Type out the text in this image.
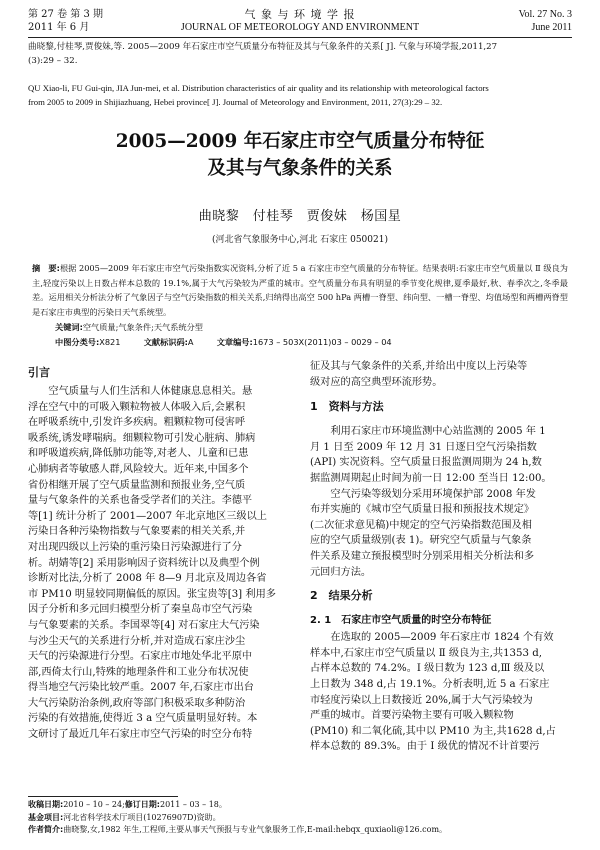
第 27 卷 第 3 期
2011 年 6 月
气 象 与 环 境 学 报
JOURNAL OF METEOROLOGY AND ENVIRONMENT
Vol. 27 No. 3
June 2011
曲晓黎,付桂琴,贾俊妹,等. 2005—2009 年石家庄市空气质量分布特征及其与气象条件的关系[ J]. 气象与环境学报,2011,27
(3):29 – 32.
QU Xiao-li, FU Gui-qin, JIA Jun-mei, et al. Distribution characteristics of air quality and its relationship with meteorological factors
from 2005 to 2009 in Shijiazhuang, Hebei province[ J]. Journal of Meteorology and Environment, 2011, 27(3):29 – 32.
2005—2009 年石家庄市空气质量分布特征
及其与气象条件的关系
曲晓黎　付桂琴　贾俊妹　杨国星
(河北省气象服务中心,河北 石家庄 050021)
摘　要:根据 2005—2009 年石家庄市空气污染指数实况资料,分析了近 5 a 石家庄市空气质量的分布特征。结果表明:石家庄市空气质量以 Ⅱ 级良为主,轻度污染以上日数占样本总数的 19.1%,属于大气污染较为严重的城市。空气质量分布具有明显的季节变化规律,夏季最好,秋、春季次之,冬季最差。运用相关分析法分析了气象因子与空气污染指数的相关关系,归纳得出高空 500 hPa 两槽一脊型、纬向型、一槽一脊型、均值场型和两槽两脊型是石家庄市典型的污染日天气系统型。
关键词:空气质量;气象条件;天气系统分型
中图分类号:X821	文献标识码:A	文章编号:1673 – 503X(2011)03 – 0029 – 04
引言
空气质量与人们生活和人体健康息息相关。悬
浮在空气中的可吸入颗粒物被人体吸入后,会累积
在呼吸系统中,引发许多疾病。粗颗粒物可侵害呼
吸系统,诱发哮喘病。细颗粒物可引发心脏病、肺病
和呼吸道疾病,降低肺功能等,对老人、儿童和已患
心肺病者等敏感人群,风险较大。近年来,中国多个
省份相继开展了空气质量监测和预报业务,空气质
量与气象条件的关系也备受学者们的关注。李德平
等[1] 统计分析了 2001—2007 年北京地区三级以上
污染日各种污染物指数与气象要素的相关关系,并
对出现四级以上污染的重污染日污染源进行了分
析。胡婧等[2] 采用影响因子资料统计以及典型个例
诊断对比法,分析了 2008 年 8—9 月北京及周边各省
市 PM10 明显较同期偏低的原因。张宝贵等[3] 利用多
因子分析和多元回归模型分析了秦皇岛市空气污染
与气象要素的关系。李国翠等[4] 对石家庄大气污染
与沙尘天气的关系进行分析,并对造成石家庄沙尘
天气的污染源进行分型。石家庄市地处华北平原中
部,西倚太行山,特殊的地理条件和工业分布状况使
得当地空气污染比较严重。2007 年,石家庄市出台
大气污染防治条例,政府等部门积极采取多种防治
污染的有效措施,使得近 3 a 空气质量明显好转。本
文研讨了最近几年石家庄市空气污染的时空分布特
征及其与气象条件的关系,并给出中度以上污染等
级对应的高空典型环流形势。
1　资料与方法
利用石家庄市环境监测中心站监测的 2005 年 1
月 1 日至 2009 年 12 月 31 日逐日空气污染指数
(API) 实况资料。空气质量日报监测周期为 24 h,数
据监测周期起止时间为前一日 12:00 至当日 12:00。
空气污染等级划分采用环境保护部 2008 年发
布并实施的《城市空气质量日报和预报技术规定》
(二次征求意见稿)中规定的空气污染指数范围及相
应的空气质量级别(表 1)。研究空气质量与气象条
件关系及建立预报模型时分别采用相关分析法和多
元回归方法。
2　结果分析
2. 1　石家庄市空气质量的时空分布特征
在选取的 2005—2009 年石家庄市 1824 个有效
样本中,石家庄市空气质量以 Ⅱ 级良为主,共1353 d,
占样本总数的 74.2%。Ⅰ 级日数为 123 d,Ⅲ 级及以
上日数为 348 d,占 19.1%。分析表明,近 5 a 石家庄
市轻度污染以上日数接近 20%,属于大气污染较为
严重的城市。首要污染物主要有可吸入颗粒物
(PM10) 和二氧化硫,其中以 PM10 为主,共1628 d,占
样本总数的 89.3%。由于 Ⅰ 级优的情况不计首要污
收稿日期:2010 – 10 – 24;修订日期:2011 – 03 – 18。
基金项目:河北省科学技术厅项目(10276907D)资助。
作者简介:曲晓黎,女,1982 年生,工程师,主要从事天气预报与专业气象服务工作,E-mail:hebqx_quxiaoli@126.com。
